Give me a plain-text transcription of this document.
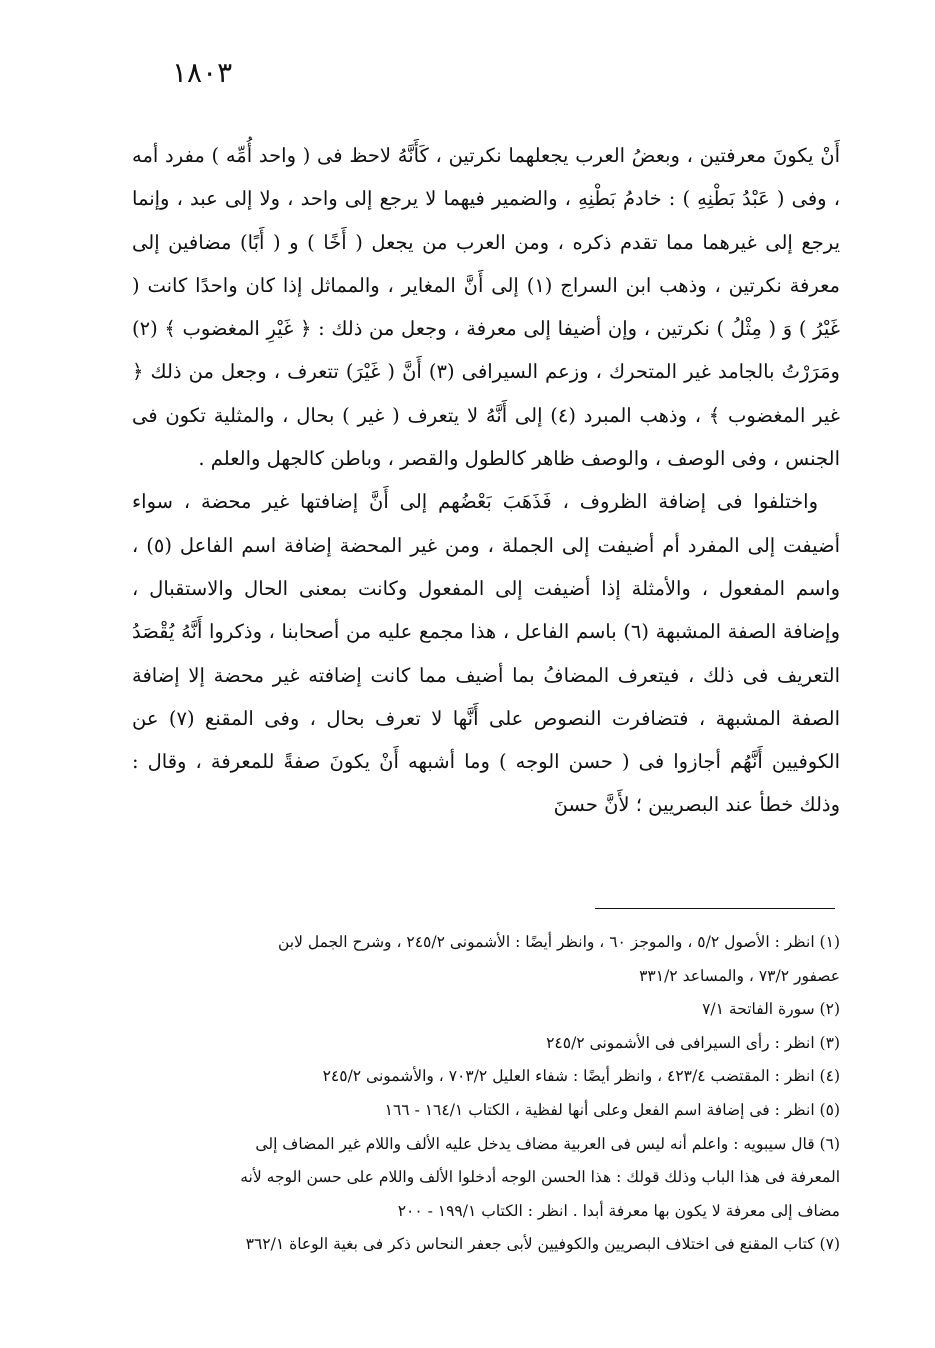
١٨٠٣

أَنْ يكونَ معرفتين ، وبعضُ العرب يجعلهما نكرتين ، كَأَنَّهُ لاحظ فى ( واحد أُمِّه ) مفرد أمه ، وفى ( عَبْدُ بَطْنِهِ ) : خادمُ بَطْنِهِ ، والضمير فيهما لا يرجع إلى واحد ، ولا إلى عبد ، وإنما يرجع إلى غيرهما مما تقدم ذكره ، ومن العرب من يجعل ( أَخًا ) و ( أَبًا) مضافين إلى معرفة نكرتين ، وذهب ابن السراج (١) إلى أَنَّ المغاير ، والمماثل إذا كان واحدًا كانت ( غَيْرُ ) وَ ( مِثْلُ ) نكرتين ، وإن أضيفا إلى معرفة ، وجعل من ذلك : ﴿ غَيْرِ المغضوب ﴾ (٢) ومَرَرْتُ بالجامد غير المتحرك ، وزعم السيرافى (٣) أَنَّ ( غَيْرَ) تتعرف ، وجعل من ذلك ﴿ غير المغضوب ﴾ ، وذهب المبرد (٤) إلى أَنَّهُ لا يتعرف ( غير ) بحال ، والمثلية تكون فى الجنس ، وفى الوصف ، والوصف ظاهر كالطول والقصر ، وباطن كالجهل والعلم .

واختلفوا فى إضافة الظروف ، فَذَهَبَ بَعْضُهم إلى أَنَّ إضافتها غير محضة ، سواء أضيفت إلى المفرد أم أضيفت إلى الجملة ، ومن غير المحضة إضافة اسم الفاعل (٥) ، واسم المفعول ، والأمثلة إذا أضيفت إلى المفعول وكانت بمعنى الحال والاستقبال ، وإضافة الصفة المشبهة (٦) باسم الفاعل ، هذا مجمع عليه من أصحابنا ، وذكروا أَنَّهُ يُقْصَدُ التعريف فى ذلك ، فيتعرف المضافُ بما أضيف مما كانت إضافته غير محضة إلا إضافة الصفة المشبهة ، فتضافرت النصوص على أَنَّها لا تعرف بحال ، وفى المقنع (٧) عن الكوفيين أَنَّهُم أجازوا فى ( حسن الوجه ) وما أشبهه أَنْ يكونَ صفةً للمعرفة ، وقال : وذلك خطأ عند البصريين ؛ لأَنَّ حسنَ

(١) انظر : الأصول ٥/٢ ، والموجز ٦٠ ، وانظر أيضًا : الأشمونى ٢٤٥/٢ ، وشرح الجمل لابن

عصفور ٧٣/٢ ، والمساعد ٣٣١/٢

(٢) سورة الفاتحة ٧/١

(٣) انظر : رأى السيرافى فى الأشمونى ٢٤٥/٢

(٤) انظر : المقتضب ٤٢٣/٤ ، وانظر أيضًا : شفاء العليل ٧٠٣/٢ ، والأشمونى ٢٤٥/٢

(٥) انظر : فى إضافة اسم الفعل وعلى أنها لفظية ، الكتاب ١٦٤/١ - ١٦٦

(٦) قال سيبويه : واعلم أنه ليس فى العربية مضاف يدخل عليه الألف واللام غير المضاف إلى

المعرفة فى هذا الباب وذلك قولك : هذا الحسن الوجه أدخلوا الألف واللام على حسن الوجه لأنه

مضاف إلى معرفة لا يكون بها معرفة أبدا . انظر : الكتاب ١٩٩/١ - ٢٠٠

(٧) كتاب المقنع فى اختلاف البصريين والكوفيين لأبى جعفر النحاس ذكر فى بغية الوعاة ٣٦٢/١
